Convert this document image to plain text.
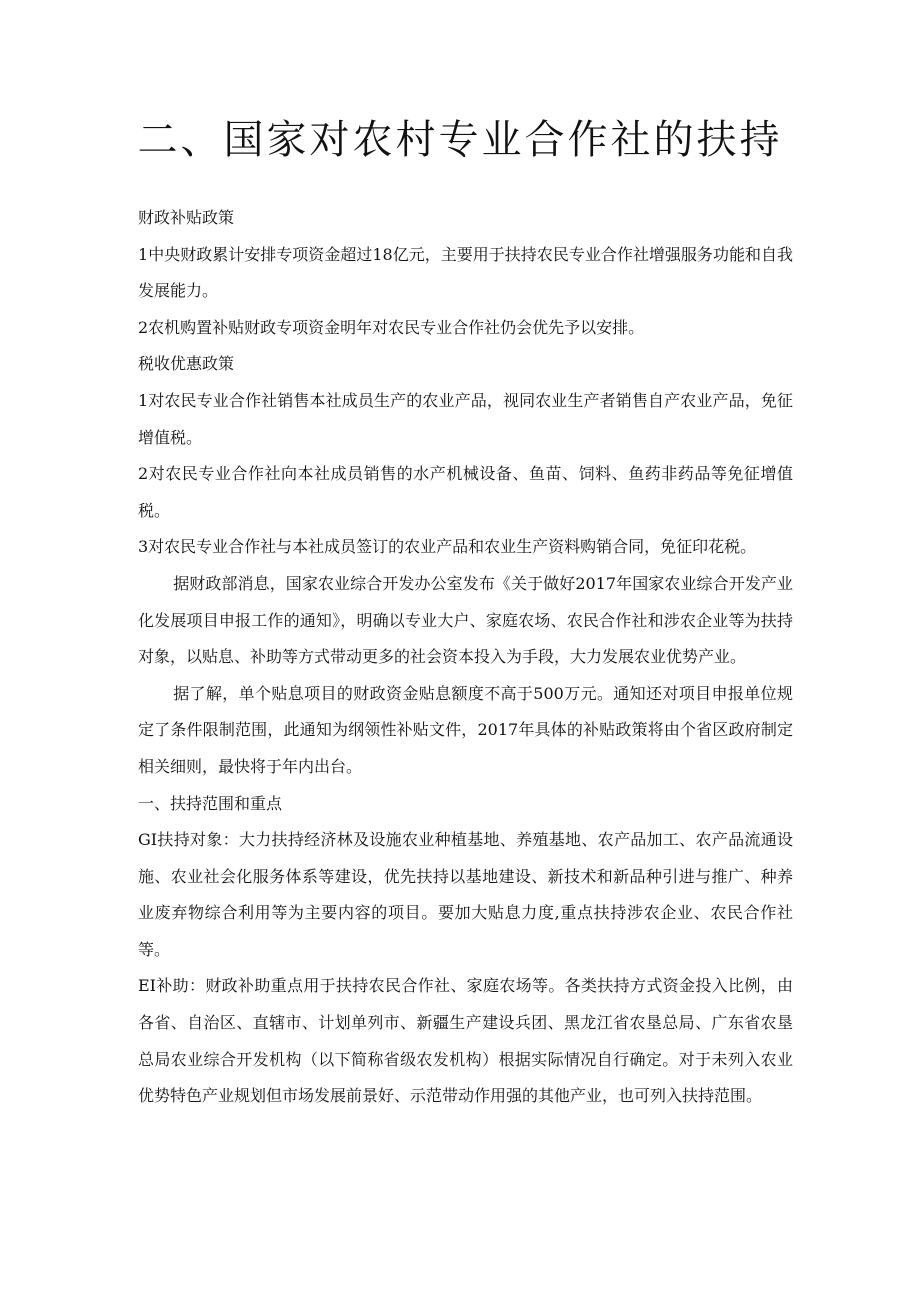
二、国家对农村专业合作社的扶持

财政补贴政策

1中央财政累计安排专项资金超过18亿元，主要用于扶持农民专业合作社增强服务功能和自我发展能力。

2农机购置补贴财政专项资金明年对农民专业合作社仍会优先予以安排。

税收优惠政策

1对农民专业合作社销售本社成员生产的农业产品，视同农业生产者销售自产农业产品，免征增值税。

2对农民专业合作社向本社成员销售的水产机械设备、鱼苗、饲料、鱼药非药品等免征增值税。

3对农民专业合作社与本社成员签订的农业产品和农业生产资料购销合同，免征印花税。

据财政部消息，国家农业综合开发办公室发布《关于做好2017年国家农业综合开发产业化发展项目申报工作的通知》，明确以专业大户、家庭农场、农民合作社和涉农企业等为扶持对象，以贴息、补助等方式带动更多的社会资本投入为手段，大力发展农业优势产业。

据了解，单个贴息项目的财政资金贴息额度不高于500万元。通知还对项目申报单位规定了条件限制范围，此通知为纲领性补贴文件，2017年具体的补贴政策将由个省区政府制定相关细则，最快将于年内出台。

一、扶持范围和重点

GI扶持对象：大力扶持经济林及设施农业种植基地、养殖基地、农产品加工、农产品流通设施、农业社会化服务体系等建设，优先扶持以基地建设、新技术和新品种引进与推广、种养业废弃物综合利用等为主要内容的项目。要加大贴息力度,重点扶持涉农企业、农民合作社等。

EI补助：财政补助重点用于扶持农民合作社、家庭农场等。各类扶持方式资金投入比例，由各省、自治区、直辖市、计划单列市、新疆生产建设兵团、黑龙江省农垦总局、广东省农垦总局农业综合开发机构（以下简称省级农发机构）根据实际情况自行确定。对于未列入农业优势特色产业规划但市场发展前景好、示范带动作用强的其他产业，也可列入扶持范围。
